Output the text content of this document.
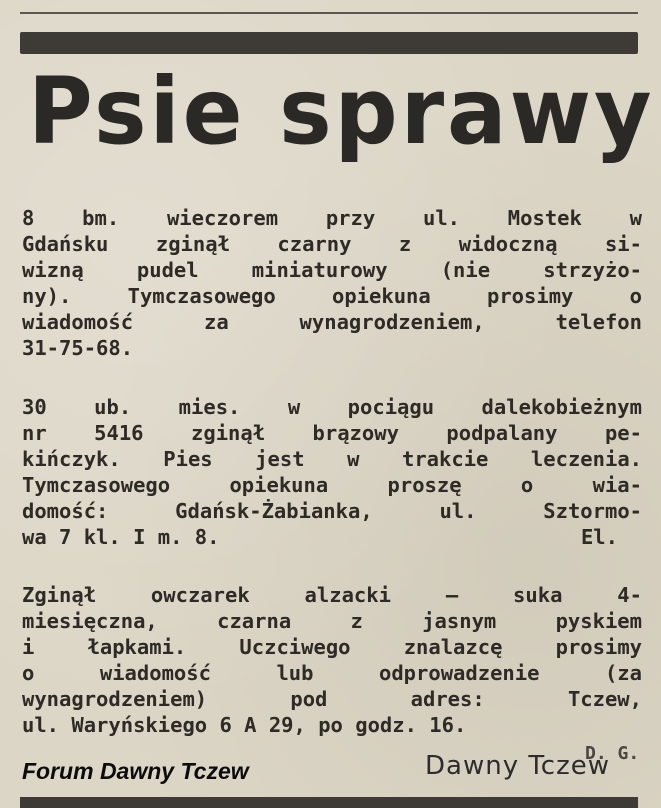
Psie sprawy
8 bm. wieczorem przy ul. Mostek w
Gdańsku zginął czarny z widoczną si-
wizną pudel miniaturowy (nie strzyżo-
ny). Tymczasowego opiekuna prosimy o
wiadomość za wynagrodzeniem, telefon
31-75-68.
30 ub. mies. w pociągu dalekobieżnym
nr 5416 zginął brązowy podpalany pe-
kińczyk. Pies jest w trakcie leczenia.
Tymczasowego opiekuna proszę o wia-
domość: Gdańsk-Żabianka, ul. Sztormo-
wa 7 kl. I m. 8.	El.
Zginął owczarek alzacki — suka 4-
miesięczna, czarna z jasnym pyskiem
i łapkami. Uczciwego znalazcę prosimy
o wiadomość lub odprowadzenie (za
wynagrodzeniem) pod adres: Tczew,
ul. Waryńskiego 6 A 29, po godz. 16.
D. G.
Forum Dawny Tczew	Dawny Tczew
